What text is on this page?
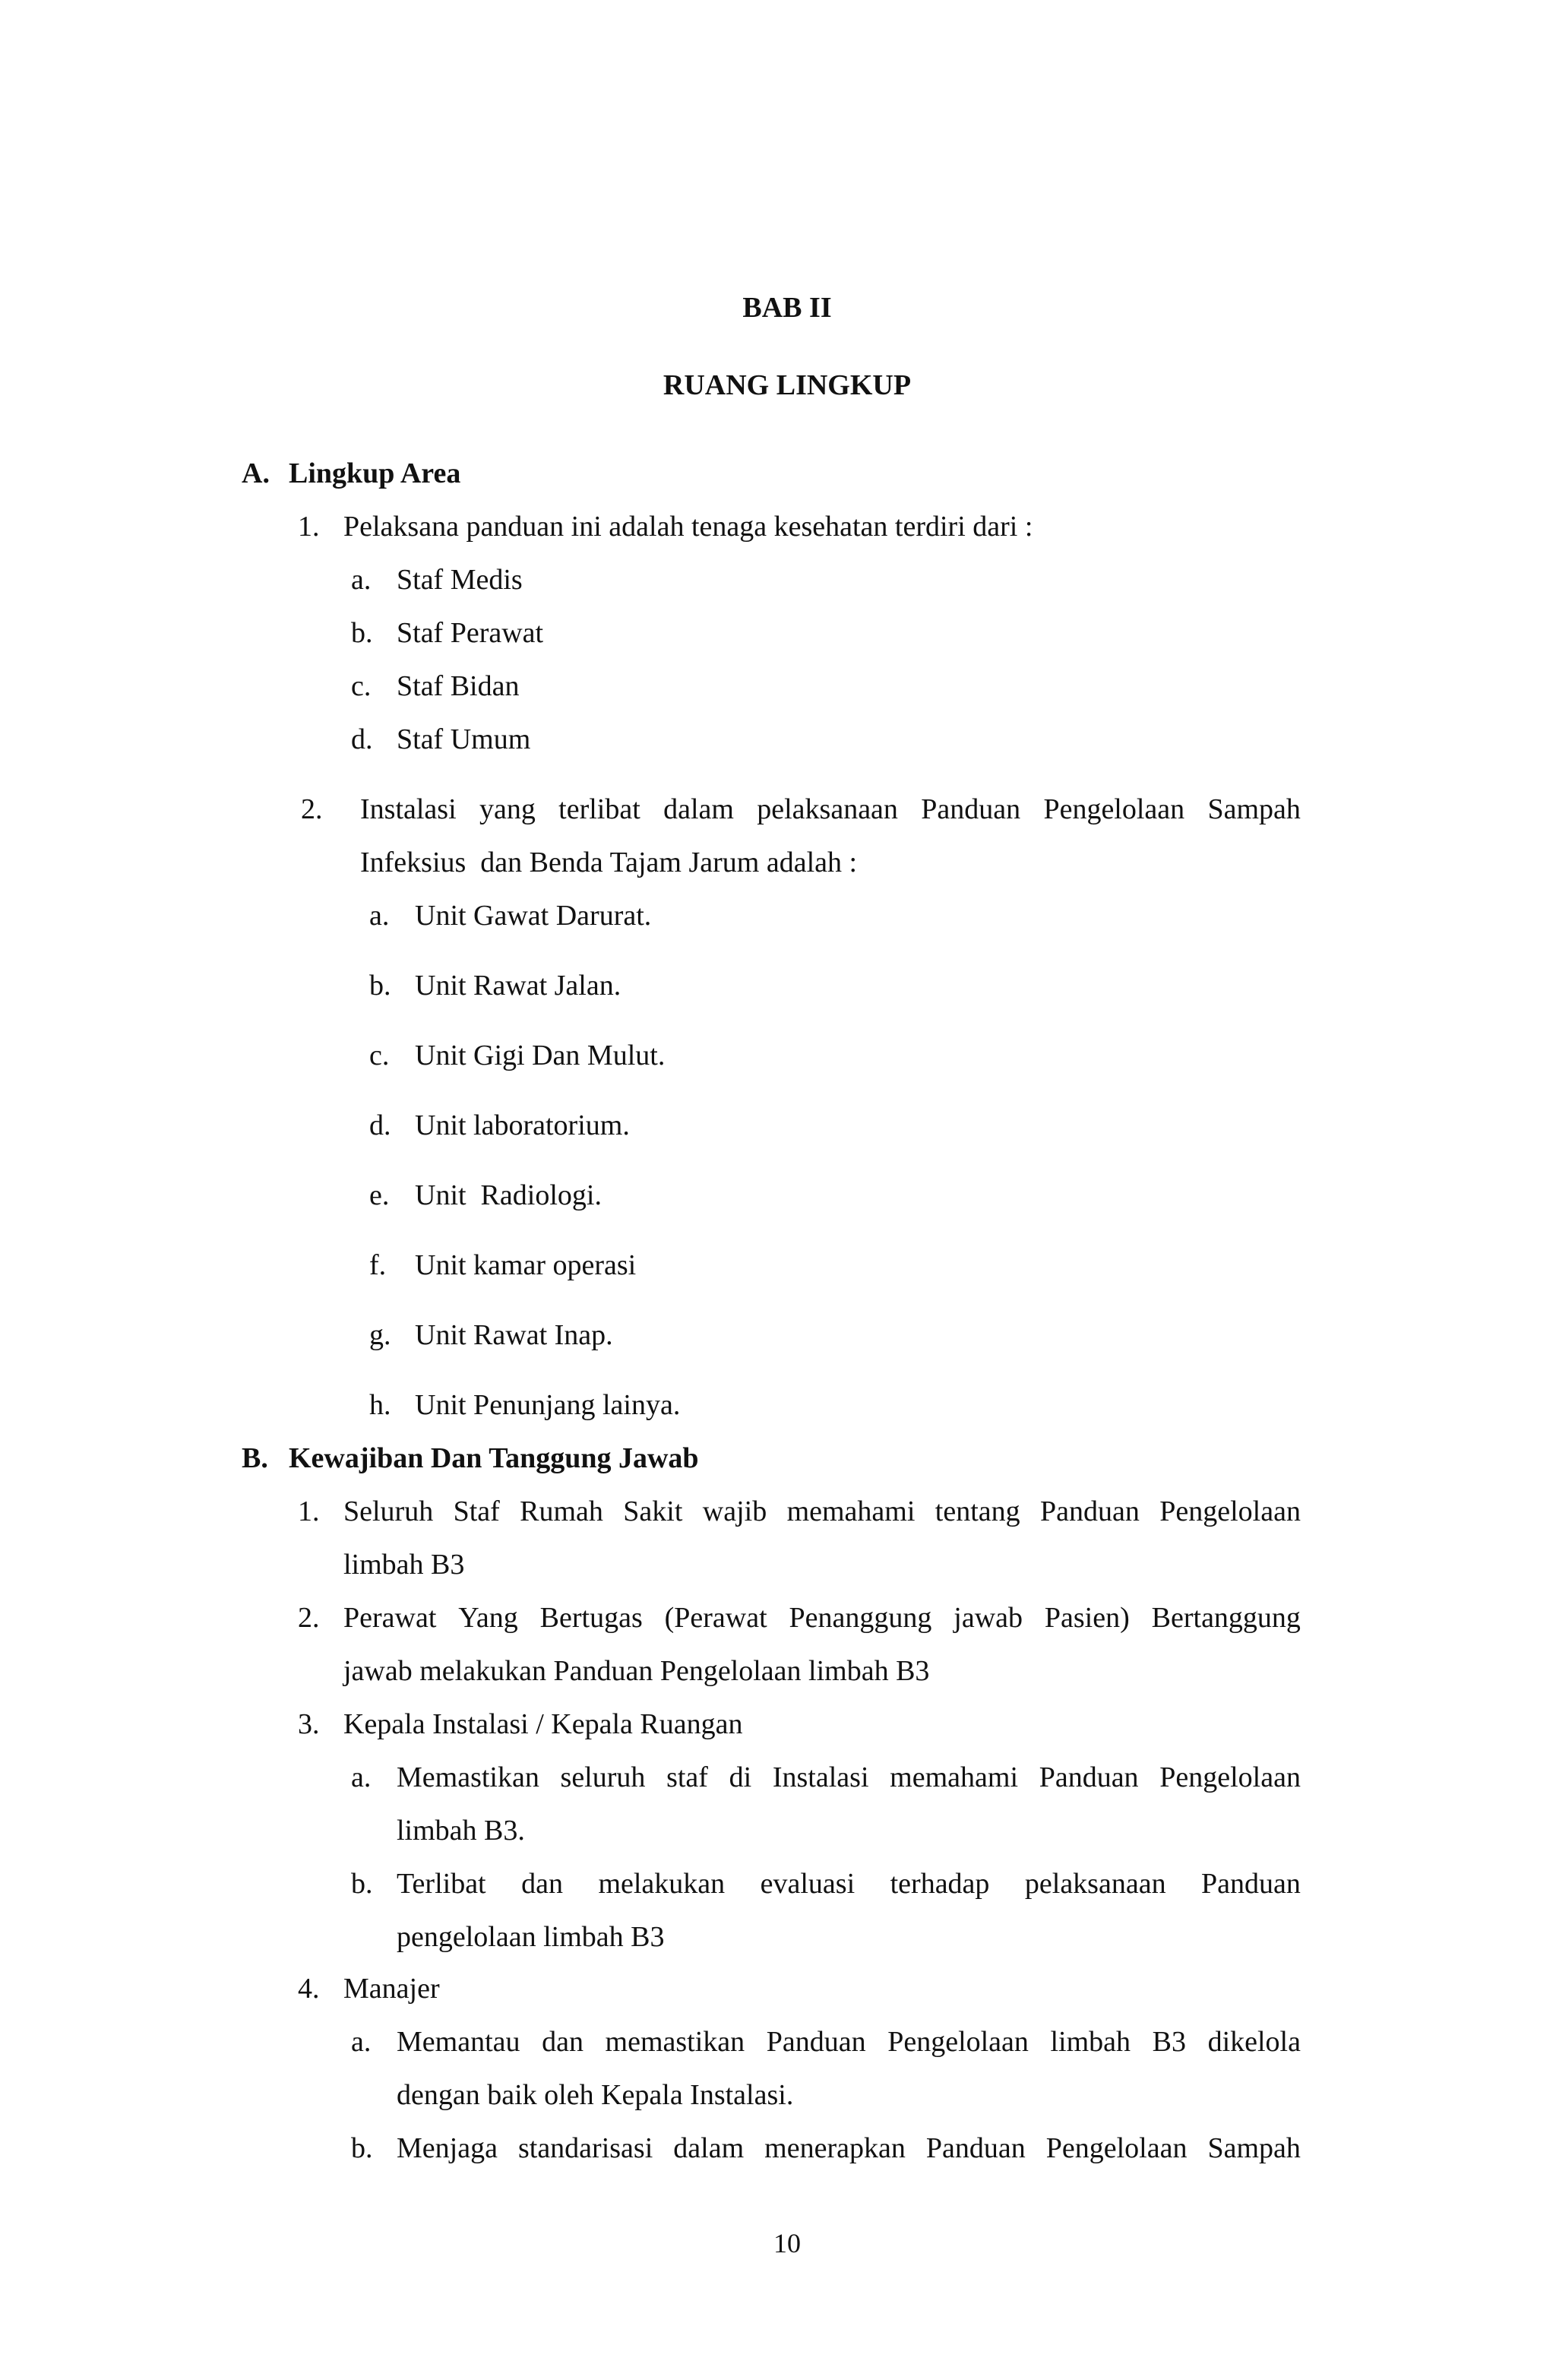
BAB II
RUANG LINGKUP
A. Lingkup Area
1. Pelaksana panduan ini adalah tenaga kesehatan terdiri dari :
a. Staf Medis
b. Staf Perawat
c. Staf Bidan
d. Staf Umum
2. Instalasi yang terlibat dalam pelaksanaan Panduan Pengelolaan Sampah
Infeksius  dan Benda Tajam Jarum adalah :
a. Unit Gawat Darurat.
b. Unit Rawat Jalan.
c. Unit Gigi Dan Mulut.
d. Unit laboratorium.
e. Unit  Radiologi.
f. Unit kamar operasi
g. Unit Rawat Inap.
h. Unit Penunjang lainya.
B. Kewajiban Dan Tanggung Jawab
1. Seluruh Staf Rumah Sakit wajib memahami tentang Panduan Pengelolaan
limbah B3
2. Perawat Yang Bertugas (Perawat Penanggung jawab Pasien) Bertanggung
jawab melakukan Panduan Pengelolaan limbah B3
3. Kepala Instalasi / Kepala Ruangan
a. Memastikan seluruh staf di Instalasi memahami Panduan Pengelolaan
limbah B3.
b. Terlibat dan melakukan evaluasi terhadap pelaksanaan Panduan
pengelolaan limbah B3
4. Manajer
a. Memantau dan memastikan Panduan Pengelolaan limbah B3 dikelola
dengan baik oleh Kepala Instalasi.
b. Menjaga standarisasi dalam menerapkan Panduan Pengelolaan Sampah
10
